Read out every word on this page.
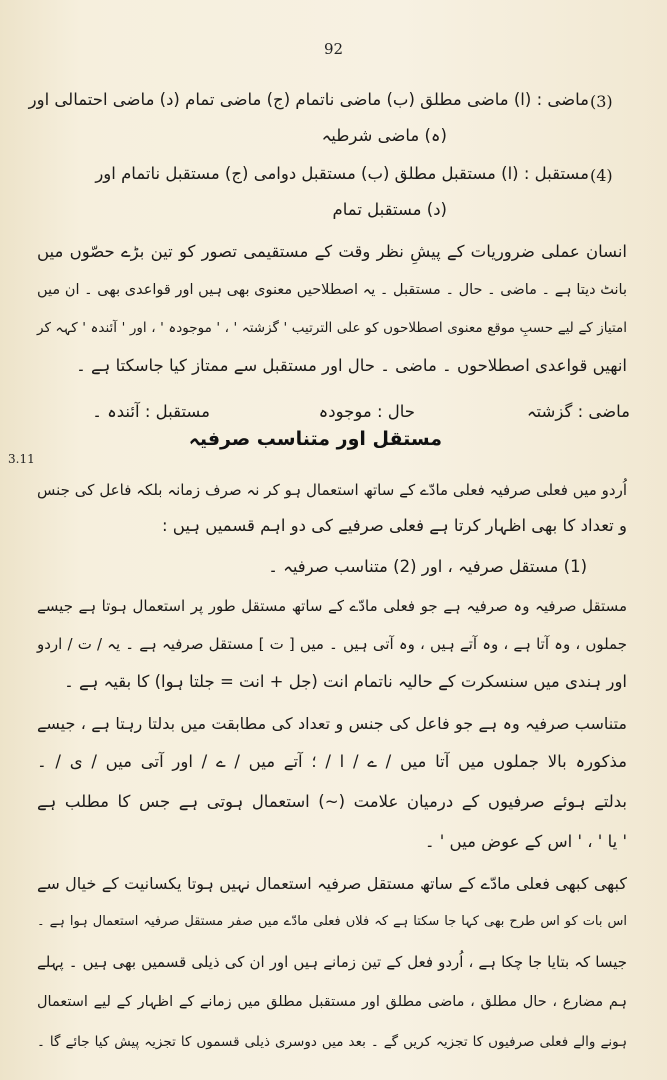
92
(3)
ماضی : (ا) ماضی مطلق (ب) ماضی ناتمام (ج) ماضی تمام (د) ماضی احتمالی اور
(ہ) ماضی شرطیہ
(4)
مستقبل : (ا) مستقبل مطلق (ب) مستقبل دوامی (ج) مستقبل ناتمام اور
(د) مستقبل تمام
انسان عملی ضروریات کے پیشِ نظر وقت کے مستقیمی تصور کو تین بڑے حصّوں میں
بانٹ دیتا ہے ۔ ماضی ۔ حال ۔ مستقبل ۔ یہ اصطلاحیں معنوی بھی ہیں اور قواعدی بھی ۔ ان میں
امتیاز کے لیے حسبِ موقع معنوی اصطلاحوں کو علی الترتیب ' گزشتہ ' ، ' موجودہ ' ، اور ' آئندہ ' کہہ کر
انھیں قواعدی اصطلاحوں ۔ ماضی ۔ حال اور مستقبل سے ممتاز کیا جاسکتا ہے ۔
ماضی : گزشتہ
حال : موجودہ
مستقبل : آئندہ ۔
مستقل اور متناسب صرفیہ
3.11
اُردو میں فعلی صرفیہ فعلی مادّے کے ساتھ استعمال ہو کر نہ صرف زمانہ بلکہ فاعل کی جنس
و تعداد کا بھی اظہار کرتا ہے فعلی صرفیے کی دو اہم قسمیں ہیں :
(1) مستقل صرفیہ ، اور (2) متناسب صرفیہ ۔
مستقل صرفیہ وہ صرفیہ ہے جو فعلی مادّے کے ساتھ مستقل طور پر استعمال ہوتا ہے جیسے
جملوں ، وہ آتا ہے ، وہ آتے ہیں ، وہ آتی ہیں ۔ میں [ ت ] مستقل صرفیہ ہے ۔ یہ / ت / اردو
اور ہندی میں سنسکرت کے حالیہ ناتمام انت (جل + انت = جلتا ہوا) کا بقیہ ہے ۔
متناسب صرفیہ وہ ہے جو فاعل کی جنس و تعداد کی مطابقت میں بدلتا رہتا ہے ، جیسے
مذکورہ بالا جملوں میں آتا میں / ے / ا / ؛ آتے میں / ے / اور آتی میں / ی / ۔
بدلتے ہوئے صرفیوں کے درمیان علامت (~) استعمال ہوتی ہے جس کا مطلب ہے
' یا ' ، ' اس کے عوض میں ' ۔
کبھی کبھی فعلی مادّے کے ساتھ مستقل صرفیہ استعمال نہیں ہوتا یکسانیت کے خیال سے
اس بات کو اس طرح بھی کہا جا سکتا ہے کہ فلاں فعلی مادّے میں صفر مستقل صرفیہ استعمال ہوا ہے ۔
جیسا کہ بتایا جا چکا ہے ، اُردو فعل کے تین زمانے ہیں اور ان کی ذیلی قسمیں بھی ہیں ۔ پہلے
ہم مضارع ، حال مطلق ، ماضی مطلق اور مستقبل مطلق میں زمانے کے اظہار کے لیے استعمال
ہونے والے فعلی صرفیوں کا تجزیہ کریں گے ۔ بعد میں دوسری ذیلی قسموں کا تجزیہ پیش کیا جائے گا ۔
